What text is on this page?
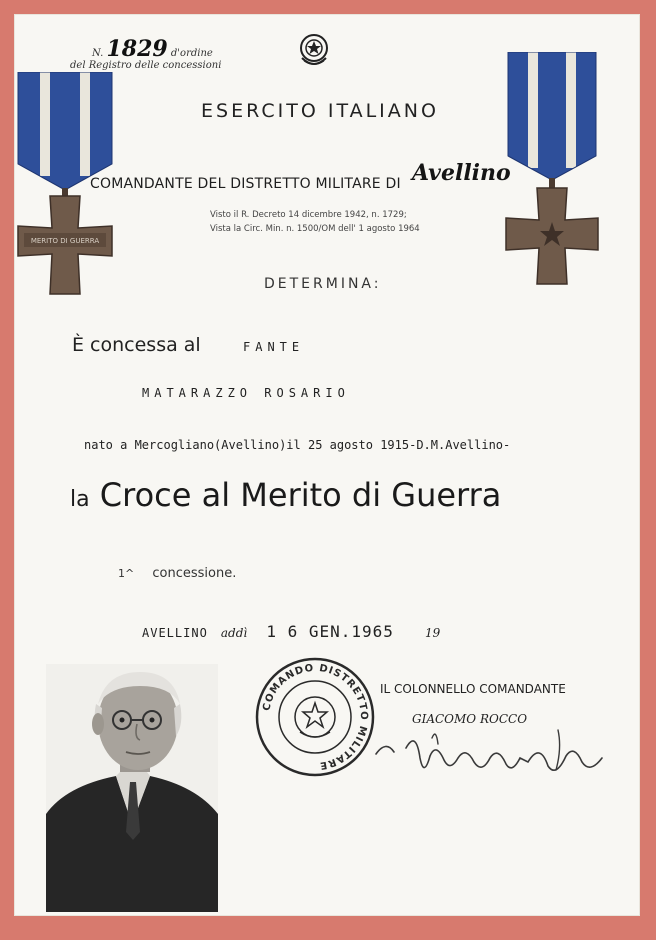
N. 1829 d'ordine
del Registro delle concessioni
MERITO DI GUERRA
ESERCITO ITALIANO
COMANDANTE DEL DISTRETTO MILITARE DI Avellino
Visto il R. Decreto 14 dicembre 1942, n. 1729;
Vista la Circ. Min. n. 1500/OM dell' 1 agosto 1964
DETERMINA:
È concessa al	FANTE
MATARAZZO ROSARIO
nato a Mercogliano(Avellino)il 25 agosto 1915-D.M.Avellino-
la Croce al Merito di Guerra
1^ concessione.
AVELLINO addì 1 6 GEN.1965	19
COMANDO DISTRETTO MILITARE
IL COLONNELLO COMANDANTE
GIACOMO ROCCO
